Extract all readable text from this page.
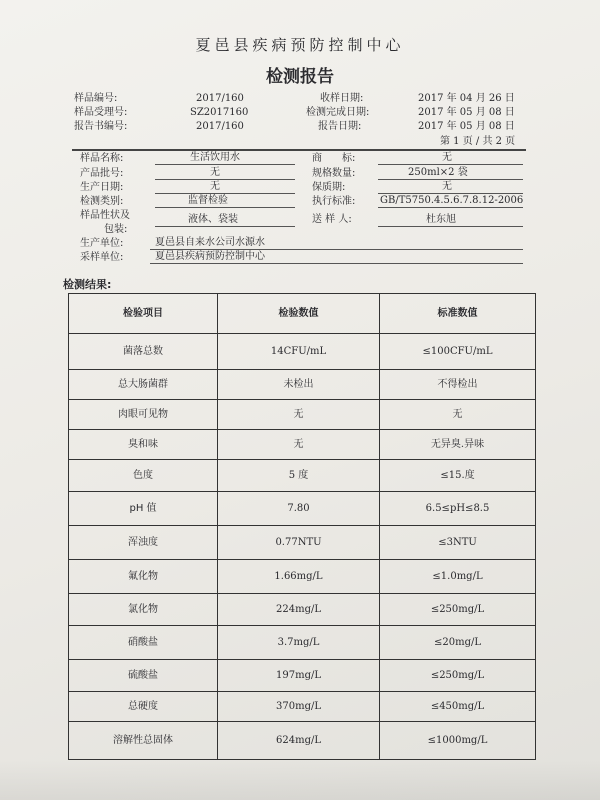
夏邑县疾病预防控制中心
检测报告
样品编号:	2017/160	收样日期:	2017 年 04 月 26 日
样品受理号:	SZ2017160	检测完成日期:	2017 年 05 月 08 日
报告书编号:	2017/160	报告日期:	2017 年 05 月 08 日
第 1 页 / 共 2 页
样品名称:	生活饮用水	商　　标:	无
产品批号:	无	规格数量:	250ml×2 袋
生产日期:	无	保质期:	无
检测类别:	监督检验	执行标准: GB/T5750.4.5.6.7.8.12-2006
样品性状及
包装:
液体、袋装	送 样 人:	杜东旭
生产单位:	夏邑县自来水公司水源水
采样单位:	夏邑县疾病预防控制中心
检测结果:
检验项目	检验数值	标准数值
菌落总数	14CFU/mL	≤100CFU/mL
总大肠菌群	未检出	不得检出
肉眼可见物	无	无
臭和味	无	无异臭.异味
色度	5 度	≤15.度
pH 值	7.80	6.5≤pH≤8.5
浑浊度	0.77NTU	≤3NTU
氟化物	1.66mg/L	≤1.0mg/L
氯化物	224mg/L	≤250mg/L
硝酸盐	3.7mg/L	≤20mg/L
硫酸盐	197mg/L	≤250mg/L
总硬度	370mg/L	≤450mg/L
溶解性总固体	624mg/L	≤1000mg/L
